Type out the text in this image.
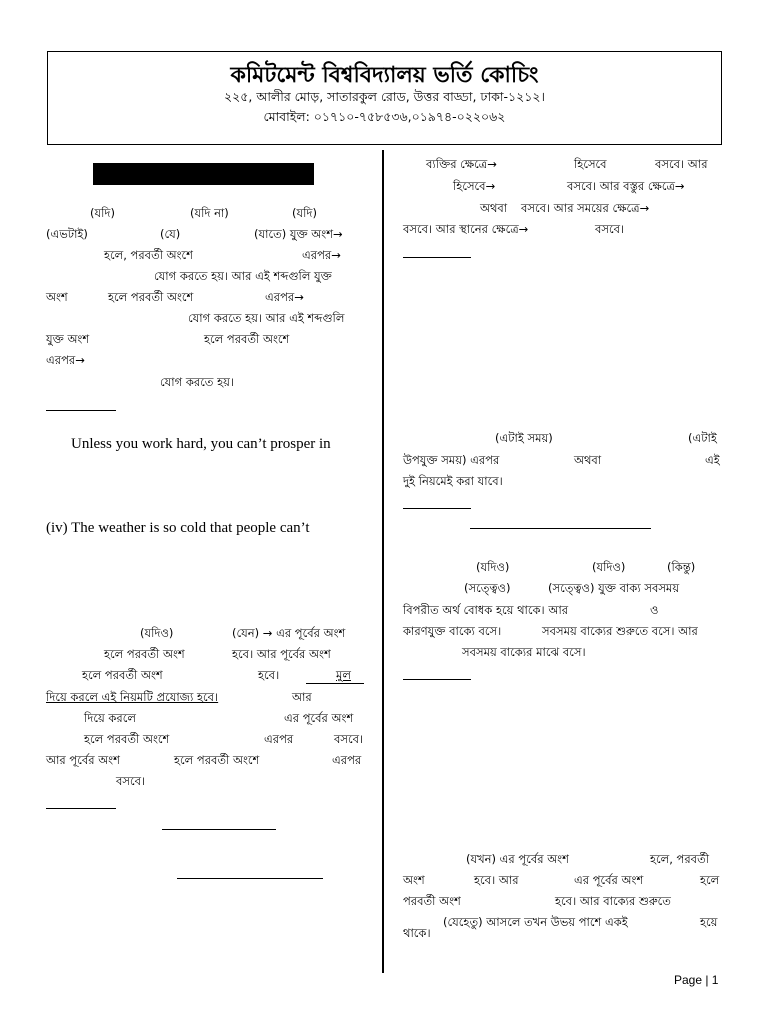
কমিটমেন্ট বিশ্ববিদ্যালয় ভর্তি কোচিং
২২৫, আলীর মোড়, সাতারকুল রোড, উত্তর বাড্ডা, ঢাকা-১২১২।
মোবাইল: ০১৭১০-৭৫৮৫৩৬,০১৯৭৪-০২২০৬২
(যদি)	(যদি না)	(যদি)
(এভটাই)	(যে)	(যাতে) যুক্ত অংশ→
হলে, পরবর্তী অংশে	এরপর→
যোগ করতে হয়। আর এই শব্দগুলি যুক্ত
অংশ	হলে পরবর্তী অংশে	এরপর→
যোগ করতে হয়। আর এই শব্দগুলি
যুক্ত অংশ	হলে পরবর্তী অংশে
এরপর→
যোগ করতে হয়।
Unless you work hard, you can’t prosper in
(iv) The weather is so cold that people can’t
(যদিও)	(যেন) → এর পূর্বের অংশ
হলে পরবর্তী অংশ	হবে। আর পূর্বের অংশ
হলে পরবর্তী অংশ	হবে।	মুল
দিয়ে করলে এই নিয়মটি প্রযোজ্য হবে।	আর
দিয়ে করলে	এর পূর্বের অংশ
হলে পরবর্তী অংশে	এরপর	বসবে।
আর পূর্বের অংশ	হলে পরবর্তী অংশে	এরপর
বসবে।
ব্যক্তির ক্ষেত্রে→	হিসেবে	বসবে। আর
হিসেবে→	বসবে। আর বস্তুর ক্ষেত্রে→
অথবা বসবে। আর সময়ের ক্ষেত্রে→
বসবে। আর স্থানের ক্ষেত্রে→	বসবে।
(এটাই সময়)	(এটাই
উপযুক্ত সময়) এরপর	অথবা	এই
দুই নিয়মেই করা যাবে।
(যদিও)	(যদিও)	(কিন্তু)
(সত্ত্বেও)	(সত্ত্বেও) যুক্ত বাক্য সবসময়
বিপরীত অর্থ বোধক হয়ে থাকে। আর	ও
কারণযুক্ত বাক্যে বসে।	সবসময় বাক্যের শুরুতে বসে। আর
সবসময় বাক্যের মাঝে বসে।
(যখন) এর পূর্বের অংশ	হলে, পরবর্তী
অংশ	হবে। আর	এর পূর্বের অংশ	হলে
পরবর্তী অংশ	হবে। আর বাক্যের শুরুতে
(যেহেতু) আসলে তখন উভয় পাশে একই	হয়ে
থাকে।
Page | 1
